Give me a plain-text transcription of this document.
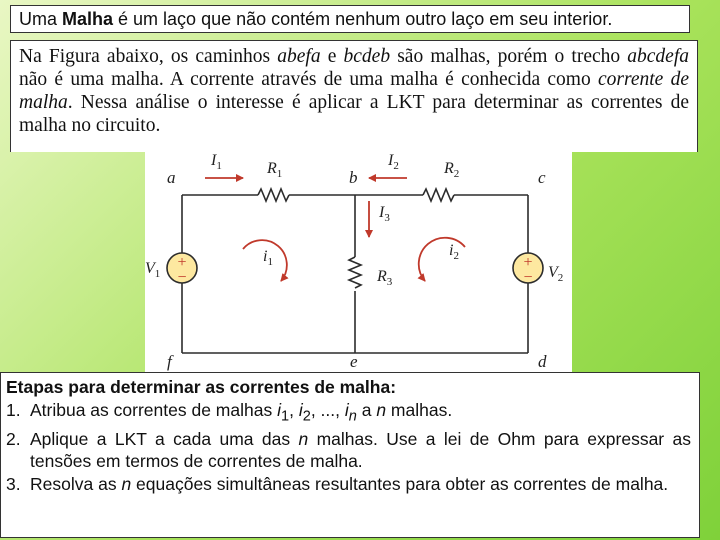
Uma Malha é um laço que não contém nenhum outro laço em seu interior.
Na Figura abaixo, os caminhos abefa e bcdeb são malhas, porém o trecho abcdefa não é uma malha. A corrente através de uma malha é conhecida como corrente de malha. Nessa análise o interesse é aplicar a LKT para determinar as correntes de malha no circuito.
+
−
+
−
a	b	c
d
e
f
$I_1$	$R_1$
$I_2$	$R_2$
$I_3$
$R_3$
$V_1$	$V_2$
$i_1$
$i_2$
Etapas para determinar as correntes de malha:
1. Atribua as correntes de malhas $i_1$, $i_2$, ..., $i_n$ a n malhas.
2. Aplique a LKT a cada uma das n malhas. Use a lei de Ohm para expressar as tensões em termos de correntes de malha.
3. Resolva as n equações simultâneas resultantes para obter as correntes de malha.
